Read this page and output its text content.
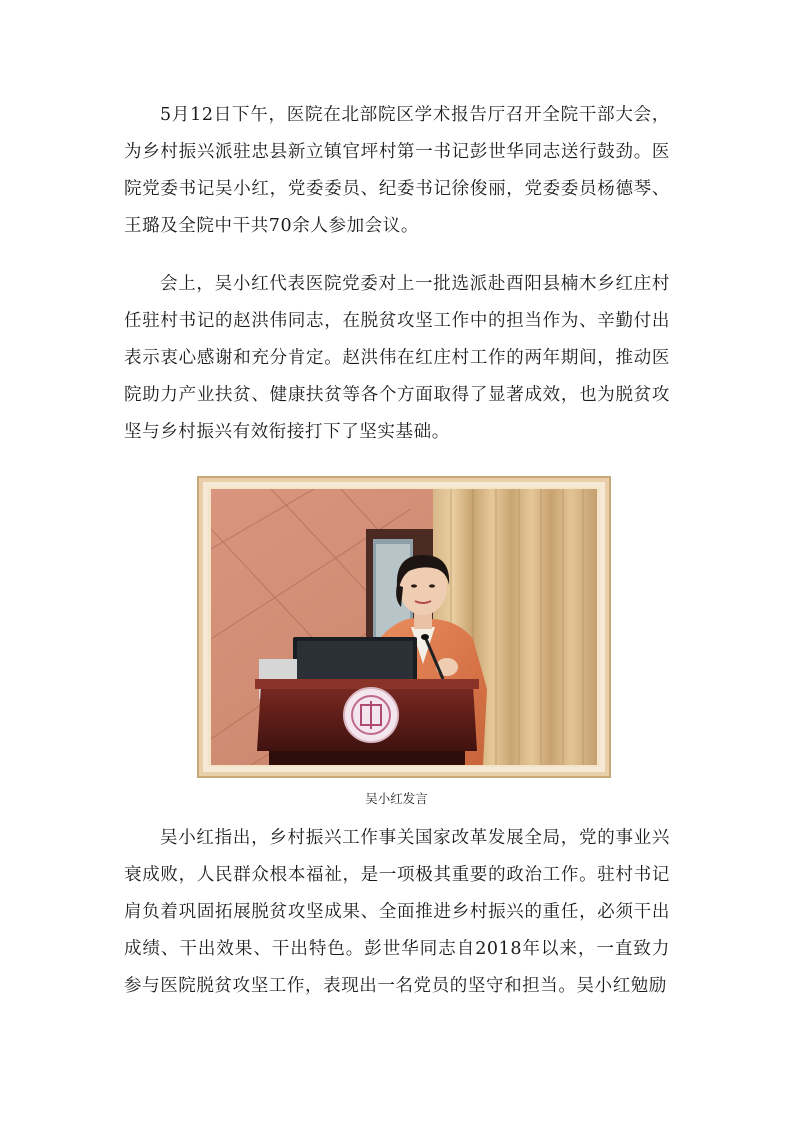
5月12日下午，医院在北部院区学术报告厅召开全院干部大会，为乡村振兴派驻忠县新立镇官坪村第一书记彭世华同志送行鼓劲。医院党委书记吴小红，党委委员、纪委书记徐俊丽，党委委员杨德琴、王璐及全院中干共70余人参加会议。

会上，吴小红代表医院党委对上一批选派赴酉阳县楠木乡红庄村任驻村书记的赵洪伟同志，在脱贫攻坚工作中的担当作为、辛勤付出表示衷心感谢和充分肯定。赵洪伟在红庄村工作的两年期间，推动医院助力产业扶贫、健康扶贫等各个方面取得了显著成效，也为脱贫攻坚与乡村振兴有效衔接打下了坚实基础。

吴小红发言

吴小红指出，乡村振兴工作事关国家改革发展全局，党的事业兴衰成败，人民群众根本福祉，是一项极其重要的政治工作。驻村书记肩负着巩固拓展脱贫攻坚成果、全面推进乡村振兴的重任，必须干出成绩、干出效果、干出特色。彭世华同志自2018年以来，一直致力参与医院脱贫攻坚工作，表现出一名党员的坚守和担当。吴小红勉励
